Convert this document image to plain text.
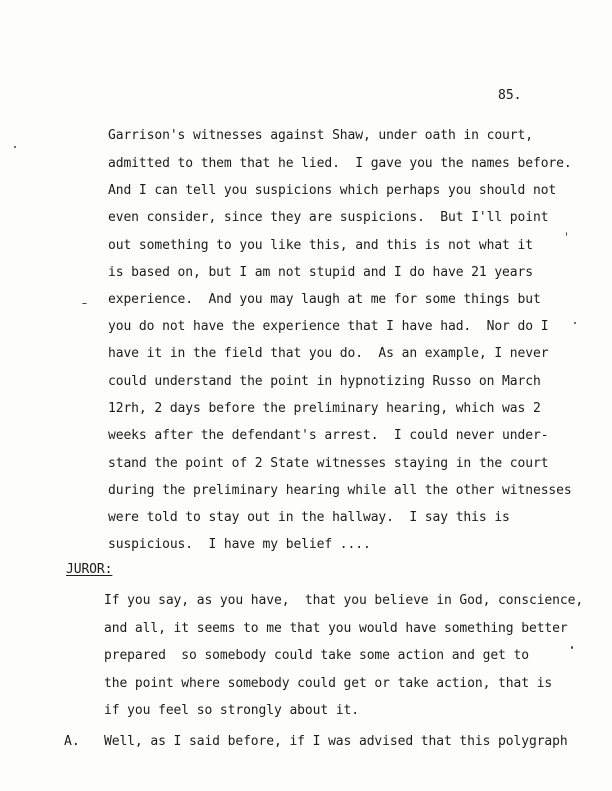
85.
Garrison's witnesses against Shaw, under oath in court,
admitted to them that he lied.  I gave you the names before.
And I can tell you suspicions which perhaps you should not
even consider, since they are suspicions.  But I'll point
out something to you like this, and this is not what it
is based on, but I am not stupid and I do have 21 years
experience.  And you may laugh at me for some things but
you do not have the experience that I have had.  Nor do I
have it in the field that you do.  As an example, I never
could understand the point in hypnotizing Russo on March
12rh, 2 days before the preliminary hearing, which was 2
weeks after the defendant's arrest.  I could never under-
stand the point of 2 State witnesses staying in the court
during the preliminary hearing while all the other witnesses
were told to stay out in the hallway.  I say this is
suspicious.  I have my belief ....
JUROR:
If you say, as you have,  that you believe in God, conscience,
and all, it seems to me that you would have something better
prepared  so somebody could take some action and get to
the point where somebody could get or take action, that is
if you feel so strongly about it.
A. Well, as I said before, if I was advised that this polygraph
